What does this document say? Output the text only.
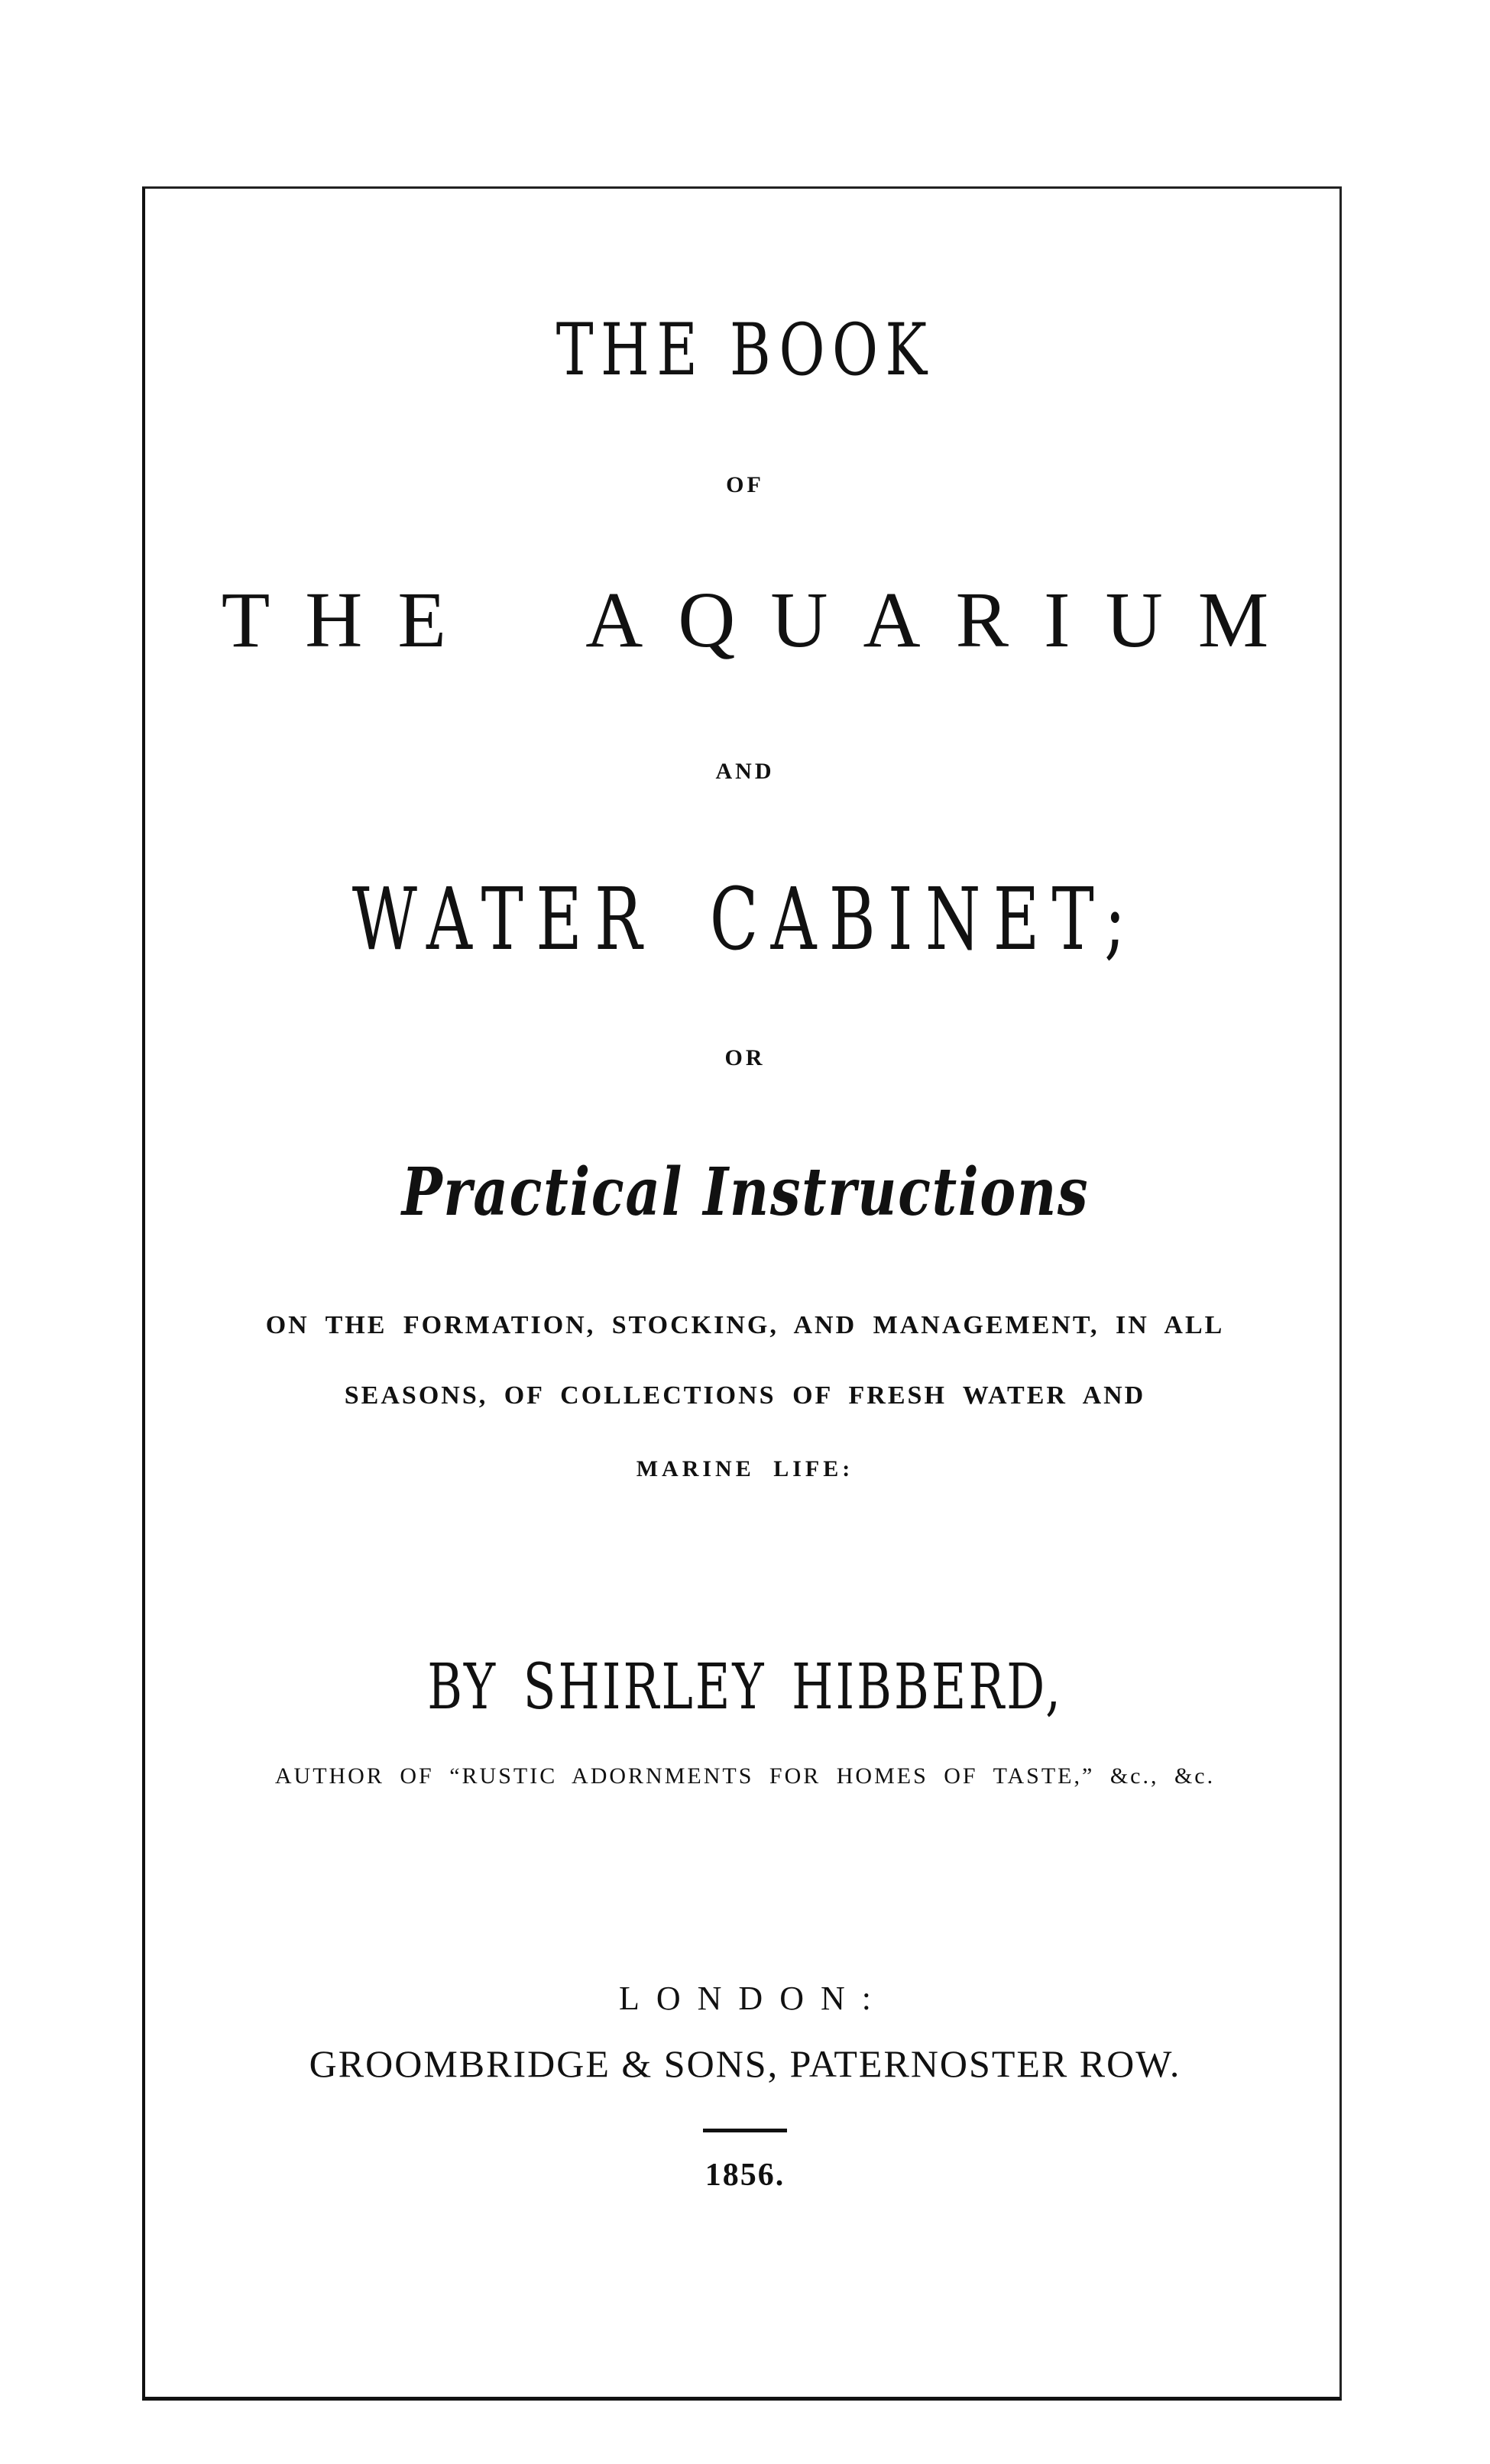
THE BOOK
OF
THE AQUARIUM
AND
WATER CABINET;
OR
Practical Instructions
ON THE FORMATION, STOCKING, AND MANAGEMENT, IN ALL
SEASONS, OF COLLECTIONS OF FRESH WATER AND
MARINE LIFE:
BY SHIRLEY HIBBERD,
AUTHOR OF “RUSTIC ADORNMENTS FOR HOMES OF TASTE,” &c., &c.
LONDON:
GROOMBRIDGE & SONS, PATERNOSTER ROW.
1856.
